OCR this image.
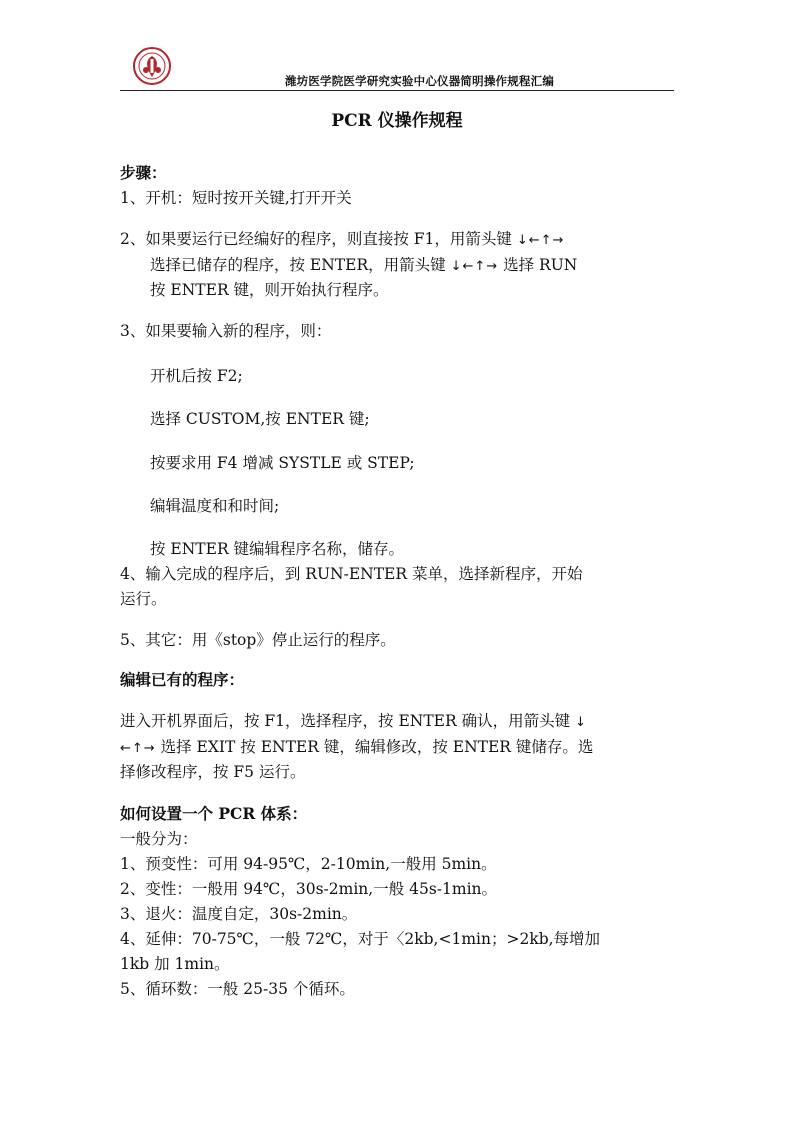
潍坊医学院医学研究实验中心仪器简明操作规程汇编
PCR 仪操作规程
步骤：
1、开机：短时按开关键,打开开关
2、如果要运行已经编好的程序，则直接按 F1，用箭头键 ↓←↑→
选择已储存的程序，按 ENTER，用箭头键 ↓←↑→ 选择 RUN
按 ENTER 键，则开始执行程序。
3、如果要输入新的程序，则：
开机后按 F2;
选择 CUSTOM,按 ENTER 键;
按要求用 F4 增减 SYSTLE 或 STEP;
编辑温度和和时间;
按 ENTER 键编辑程序名称，储存。
4、输入完成的程序后，到 RUN-ENTER 菜单，选择新程序，开始
运行。
5、其它：用《stop》停止运行的程序。
编辑已有的程序：
进入开机界面后，按 F1，选择程序，按 ENTER 确认，用箭头键 ↓
←↑→ 选择 EXIT 按 ENTER 键，编辑修改，按 ENTER 键储存。选
择修改程序，按 F5 运行。
如何设置一个 PCR 体系：
一般分为：
1、预变性：可用 94-95℃，2-10min,一般用 5min。
2、变性：一般用 94℃，30s-2min,一般 45s-1min。
3、退火：温度自定，30s-2min。
4、延伸：70-75℃，一般 72℃，对于〈2kb,<1min；>2kb,每增加
1kb 加 1min。
5、循环数：一般 25-35 个循环。
